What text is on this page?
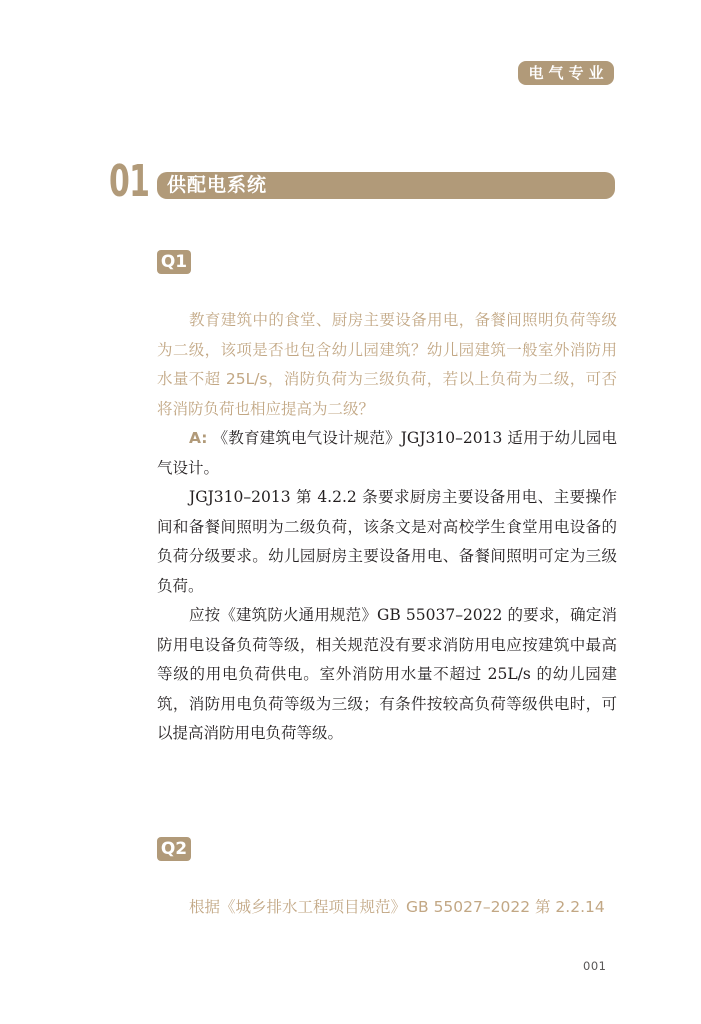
电气专业
01 供配电系统
Q1

教育建筑中的食堂、厨房主要设备用电，备餐间照明负荷等级为二级，该项是否也包含幼儿园建筑？幼儿园建筑一般室外消防用水量不超 25L/s，消防负荷为三级负荷，若以上负荷为二级，可否将消防负荷也相应提高为二级？

A: 《教育建筑电气设计规范》JGJ310–2013 适用于幼儿园电气设计。

JGJ310–2013 第 4.2.2 条要求厨房主要设备用电、主要操作间和备餐间照明为二级负荷，该条文是对高校学生食堂用电设备的负荷分级要求。幼儿园厨房主要设备用电、备餐间照明可定为三级负荷。

应按《建筑防火通用规范》GB 55037–2022 的要求，确定消防用电设备负荷等级，相关规范没有要求消防用电应按建筑中最高等级的用电负荷供电。室外消防用水量不超过 25L/s 的幼儿园建筑，消防用电负荷等级为三级；有条件按较高负荷等级供电时，可以提高消防用电负荷等级。

Q2

根据《城乡排水工程项目规范》GB 55027–2022 第 2.2.14

001
